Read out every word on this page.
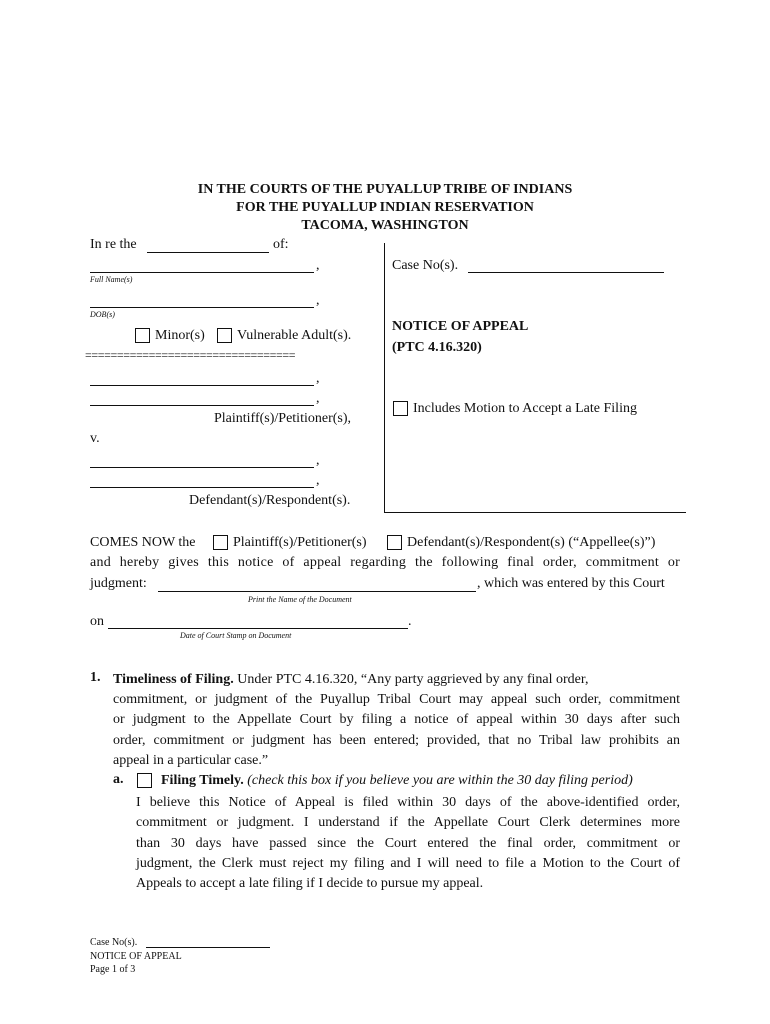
IN THE COURTS OF THE PUYALLUP TRIBE OF INDIANS
FOR THE PUYALLUP INDIAN RESERVATION
TACOMA, WASHINGTON
In re the	of:
,
Full Name(s)
,
DOB(s)
Minor(s) Vulnerable Adult(s).
=================================
,
,
Plaintiff(s)/Petitioner(s),
v.
,
,
Defendant(s)/Respondent(s).
Case No(s).
NOTICE OF APPEAL
(PTC 4.16.320)
Includes Motion to Accept a Late Filing
COMES NOW the	Plaintiff(s)/Petitioner(s)	Defendant(s)/Respondent(s) (“Appellee(s)”)
and hereby gives this notice of appeal regarding the following final order, commitment or
judgment:	, which was entered by this Court
Print the Name of the Document
on	.
Date of Court Stamp on Document
1. Timeliness of Filing. Under PTC 4.16.320, “Any party aggrieved by any final order,
commitment, or judgment of the Puyallup Tribal Court may appeal such order, commitment
or judgment to the Appellate Court by filing a notice of appeal within 30 days after such
order, commitment or judgment has been entered; provided, that no Tribal law prohibits an
appeal in a particular case.”
a.	Filing Timely. (check this box if you believe you are within the 30 day filing period)
I believe this Notice of Appeal is filed within 30 days of the above-identified order,
commitment or judgment. I understand if the Appellate Court Clerk determines more
than 30 days have passed since the Court entered the final order, commitment or
judgment, the Clerk must reject my filing and I will need to file a Motion to the Court of
Appeals to accept a late filing if I decide to pursue my appeal.
Case No(s).
NOTICE OF APPEAL
Page 1 of 3
